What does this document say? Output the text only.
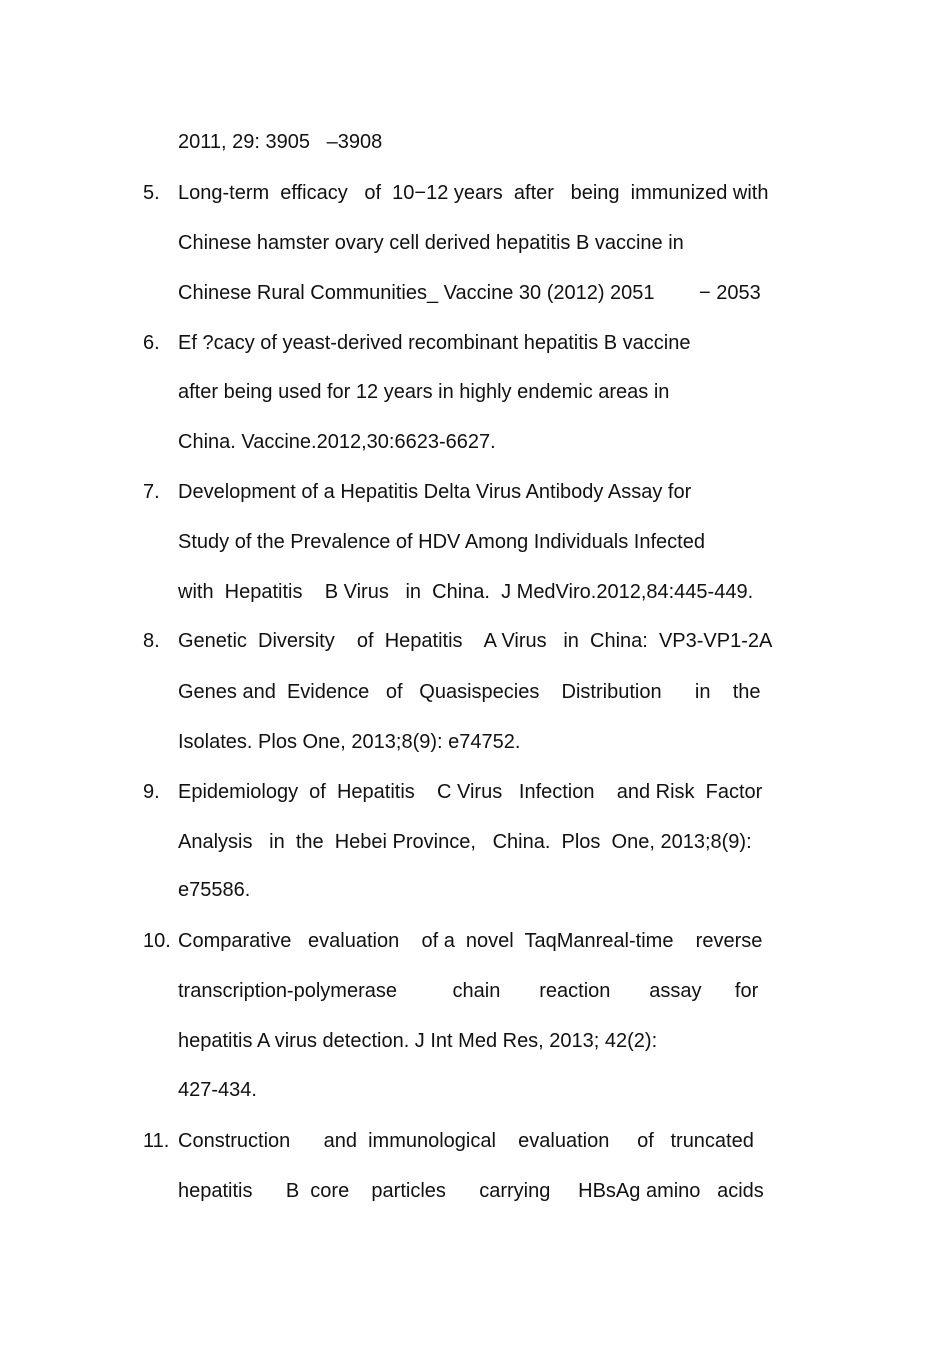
2011, 29: 3905   –3908
5. Long-term  efficacy   of  10−12 years  after   being  immunized with
Chinese hamster ovary cell derived hepatitis B vaccine in
Chinese Rural Communities_ Vaccine 30 (2012) 2051        − 2053
6. Ef ?cacy of yeast-derived recombinant hepatitis B vaccine
after being used for 12 years in highly endemic areas in
China. Vaccine.2012,30:6623-6627.
7. Development of a Hepatitis Delta Virus Antibody Assay for
Study of the Prevalence of HDV Among Individuals Infected
with  Hepatitis    B Virus   in  China.  J MedViro.2012,84:445-449.
8. Genetic  Diversity    of  Hepatitis    A Virus   in  China:  VP3-VP1-2A
Genes and  Evidence   of   Quasispecies    Distribution      in    the
Isolates. Plos One, 2013;8(9): e74752.
9. Epidemiology  of  Hepatitis    C Virus   Infection    and Risk  Factor
Analysis   in  the  Hebei Province,   China.  Plos  One, 2013;8(9):
e75586.
10. Comparative   evaluation    of a  novel  TaqManreal-time    reverse
transcription-polymerase          chain       reaction       assay      for
hepatitis A virus detection. J Int Med Res, 2013; 42(2):
427-434.
11. Construction      and  immunological    evaluation     of   truncated
hepatitis      B  core    particles      carrying     HBsAg amino   acids
